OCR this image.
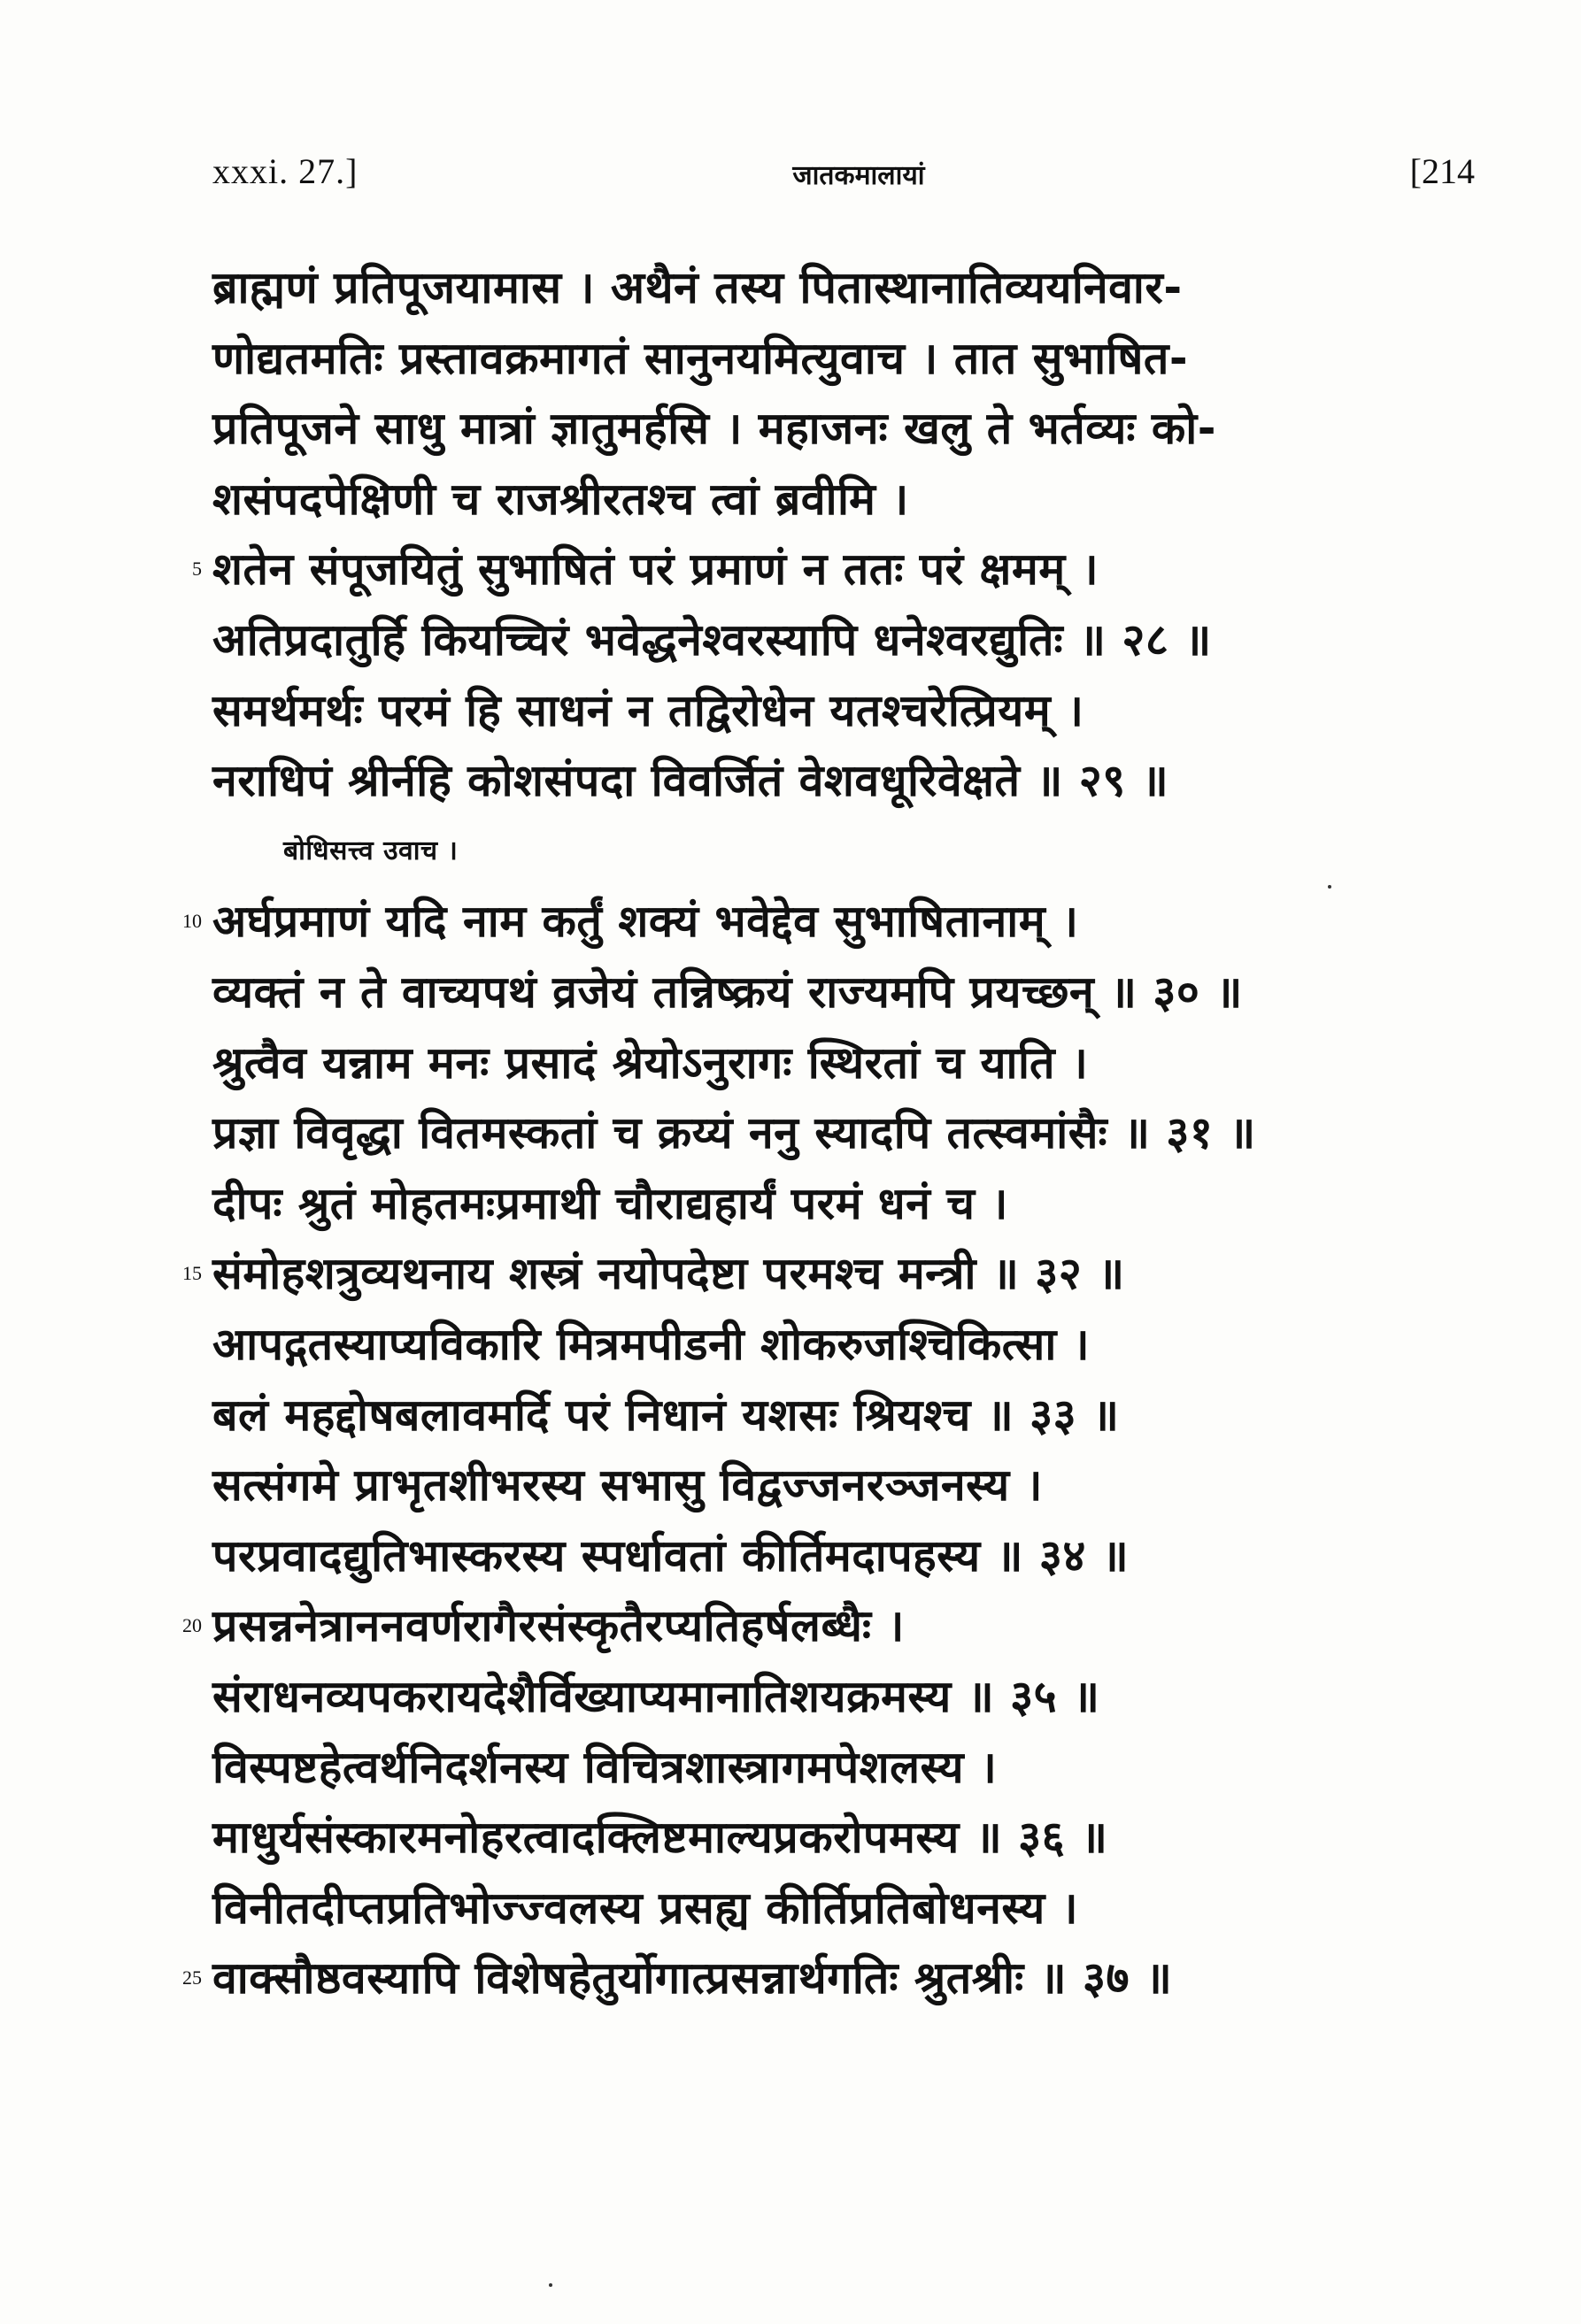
xxxi. 27.]	जातकमालायां	[214
ब्राह्मणं प्रतिपूजयामास । अथैनं तस्य पितास्थानातिव्ययनिवार-
णोद्यतमतिः प्रस्तावक्रमागतं सानुनयमित्युवाच । तात सुभाषित-
प्रतिपूजने साधु मात्रां ज्ञातुमर्हसि । महाजनः खलु ते भर्तव्यः को-
शसंपदपेक्षिणी च राजश्रीरतश्च त्वां ब्रवीमि ।
5 शतेन संपूजयितुं सुभाषितं परं प्रमाणं न ततः परं क्षमम् ।
अतिप्रदातुर्हि कियच्चिरं भवेद्धनेश्वरस्यापि धनेश्वरद्युतिः ॥ २८ ॥
समर्थमर्थः परमं हि साधनं न तद्विरोधेन यतश्चरेत्प्रियम् ।
नराधिपं श्रीर्नहि कोशसंपदा विवर्जितं वेशवधूरिवेक्षते ॥ २९ ॥
बोधिसत्त्व उवाच ।
10 अर्घप्रमाणं यदि नाम कर्तुं शक्यं भवेद्देव सुभाषितानाम् ।
व्यक्तं न ते वाच्यपथं व्रजेयं तन्निष्क्रयं राज्यमपि प्रयच्छन् ॥ ३० ॥
श्रुत्वैव यन्नाम मनः प्रसादं श्रेयोऽनुरागः स्थिरतां च याति ।
प्रज्ञा विवृद्धा वितमस्कतां च क्रय्यं ननु स्यादपि तत्स्वमांसैः ॥ ३१ ॥
दीपः श्रुतं मोहतमःप्रमाथी चौराद्यहार्यं परमं धनं च ।
15 संमोहशत्रुव्यथनाय शस्त्रं नयोपदेष्टा परमश्च मन्त्री ॥ ३२ ॥
आपद्गतस्याप्यविकारि मित्रमपीडनी शोकरुजश्चिकित्सा ।
बलं महद्दोषबलावमर्दि परं निधानं यशसः श्रियश्च ॥ ३३ ॥
सत्संगमे प्राभृतशीभरस्य सभासु विद्वज्जनरञ्जनस्य ।
परप्रवादद्युतिभास्करस्य स्पर्धावतां कीर्तिमदापहस्य ॥ ३४ ॥
20 प्रसन्ननेत्राननवर्णरागैरसंस्कृतैरप्यतिहर्षलब्धैः ।
संराधनव्यपकरायदेशैर्विख्याप्यमानातिशयक्रमस्य ॥ ३५ ॥
विस्पष्टहेत्वर्थनिदर्शनस्य विचित्रशास्त्रागमपेशलस्य ।
माधुर्यसंस्कारमनोहरत्वादक्लिष्टमाल्यप्रकरोपमस्य ॥ ३६ ॥
विनीतदीप्तप्रतिभोज्ज्वलस्य प्रसह्य कीर्तिप्रतिबोधनस्य ।
25 वाक्सौष्ठवस्यापि विशेषहेतुर्योगात्प्रसन्नार्थगतिः श्रुतश्रीः ॥ ३७ ॥
